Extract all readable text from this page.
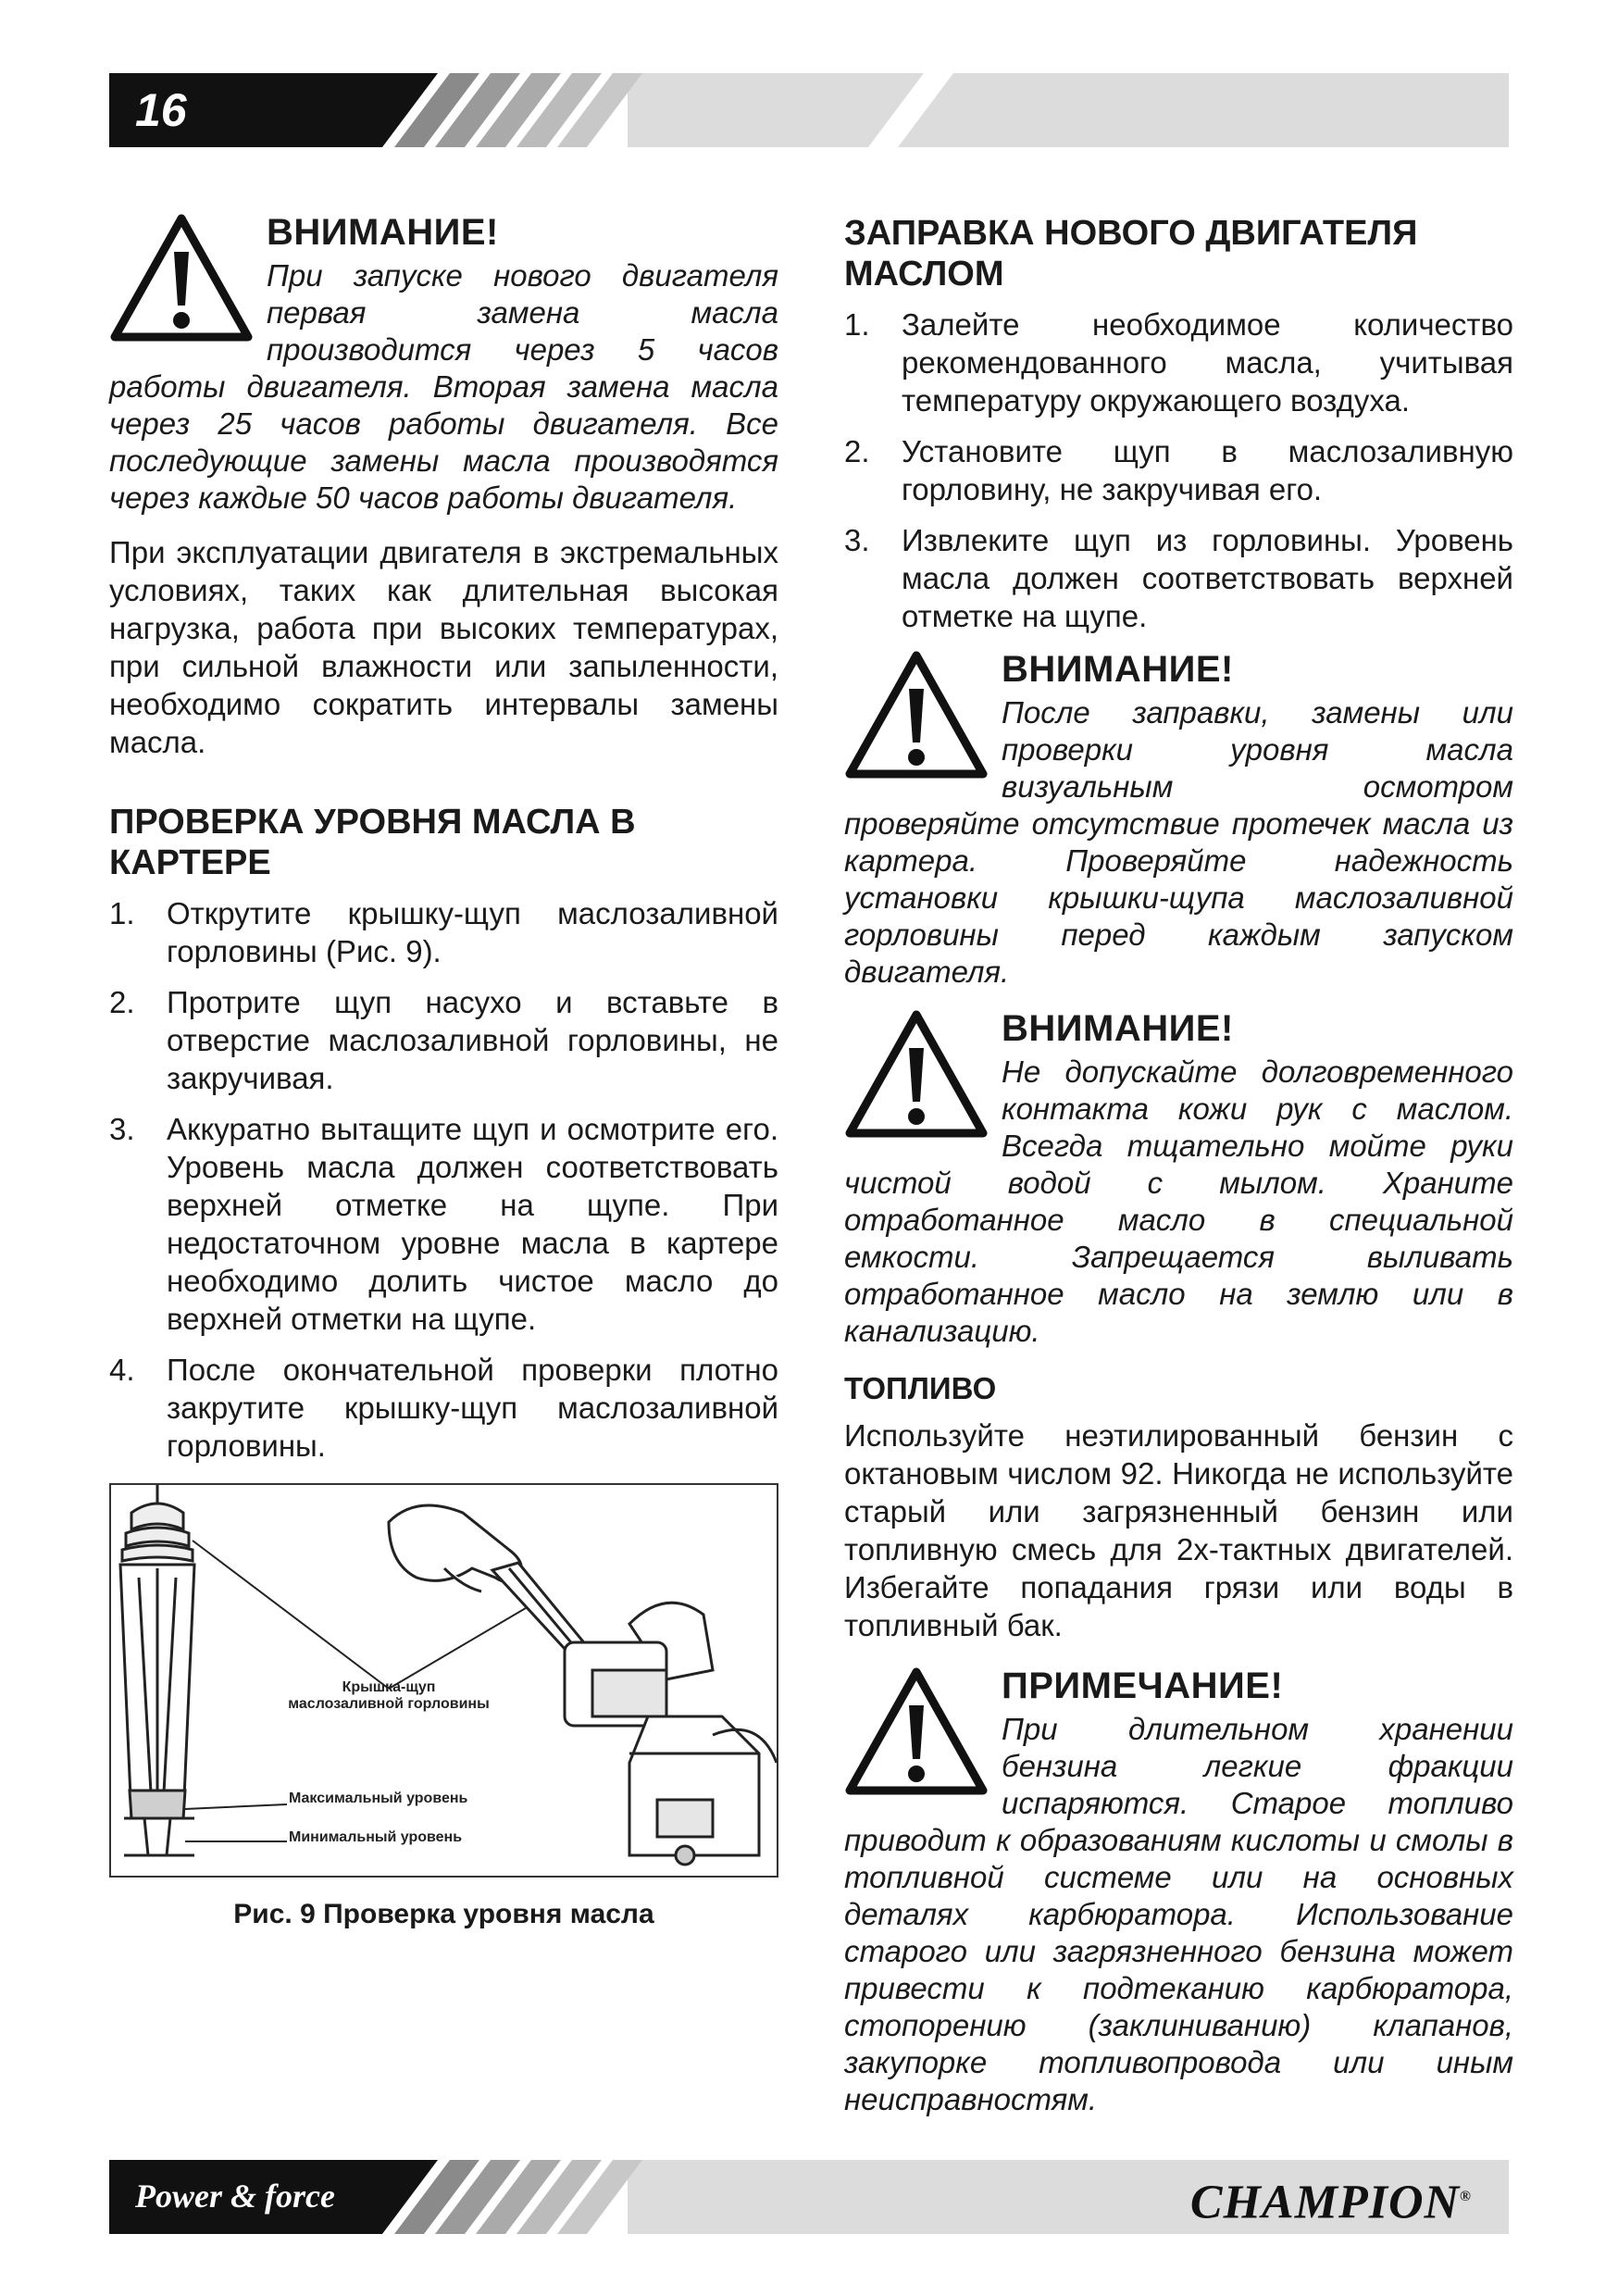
16
ВНИМАНИЕ!

При запуске нового двигателя первая замена масла производится через 5 часов работы двигателя. Вторая замена масла через 25 часов работы двигателя. Все последующие замены масла производятся через каждые 50 часов работы двигателя.

При эксплуатации двигателя в экстремальных условиях, таких как длительная высокая нагрузка, работа при высоких температурах, при сильной влажности или запыленности, необходимо сократить интервалы замены масла.

ПРОВЕРКА УРОВНЯ МАСЛА В КАРТЕРЕ
1.	Открутите крышку-щуп маслозаливной горловины (Рис. 9).
2.	Протрите щуп насухо и вставьте в отверстие маслозаливной горловины, не закручивая.
3.	Аккуратно вытащите щуп и осмотрите его. Уровень масла должен соответствовать верхней отметке на щупе. При недостаточном уровне масла в картере необходимо долить чистое масло до верхней отметки на щупе.
4.	После окончательной проверки плотно закрутите крышку-щуп маслозаливной горловины.
Крышка-щуп
маслозаливной горловины
Максимальный уровень
Минимальный уровень
Рис. 9 Проверка уровня масла
ЗАПРАВКА НОВОГО ДВИГАТЕЛЯ МАСЛОМ
1.	Залейте необходимое количество рекомендованного масла, учитывая температуру окружающего воздуха.
2.	Установите щуп в маслозаливную горловину, не закручивая его.
3.	Извлеките щуп из горловины. Уровень масла должен соответствовать верхней отметке на щупе.
ВНИМАНИЕ!

После заправки, замены или проверки уровня масла визуальным осмотром проверяйте отсутствие протечек масла из картера. Проверяйте надежность установки крышки-щупа маслозаливной горловины перед каждым запуском двигателя.

ВНИМАНИЕ!

Не допускайте долговременного контакта кожи рук с маслом. Всегда тщательно мойте руки чистой водой с мылом. Храните отработанное масло в специальной емкости. Запрещается выливать отработанное масло на землю или в канализацию.

ТОПЛИВО

Используйте неэтилированный бензин с октановым числом 92. Никогда не используйте старый или загрязненный бензин или топливную смесь для 2х-тактных двигателей. Избегайте попадания грязи или воды в топливный бак.

ПРИМЕЧАНИЕ!

При длительном хранении бензина легкие фракции испаряются. Старое топливо приводит к образованиям кислоты и смолы в топливной системе или на основных деталях карбюратора. Использование старого или загрязненного бензина может привести к подтеканию карбюратора, стопорению (заклиниванию) клапанов, закупорке топливопровода или иным неисправностям.

Power & force	CHAMPION®
